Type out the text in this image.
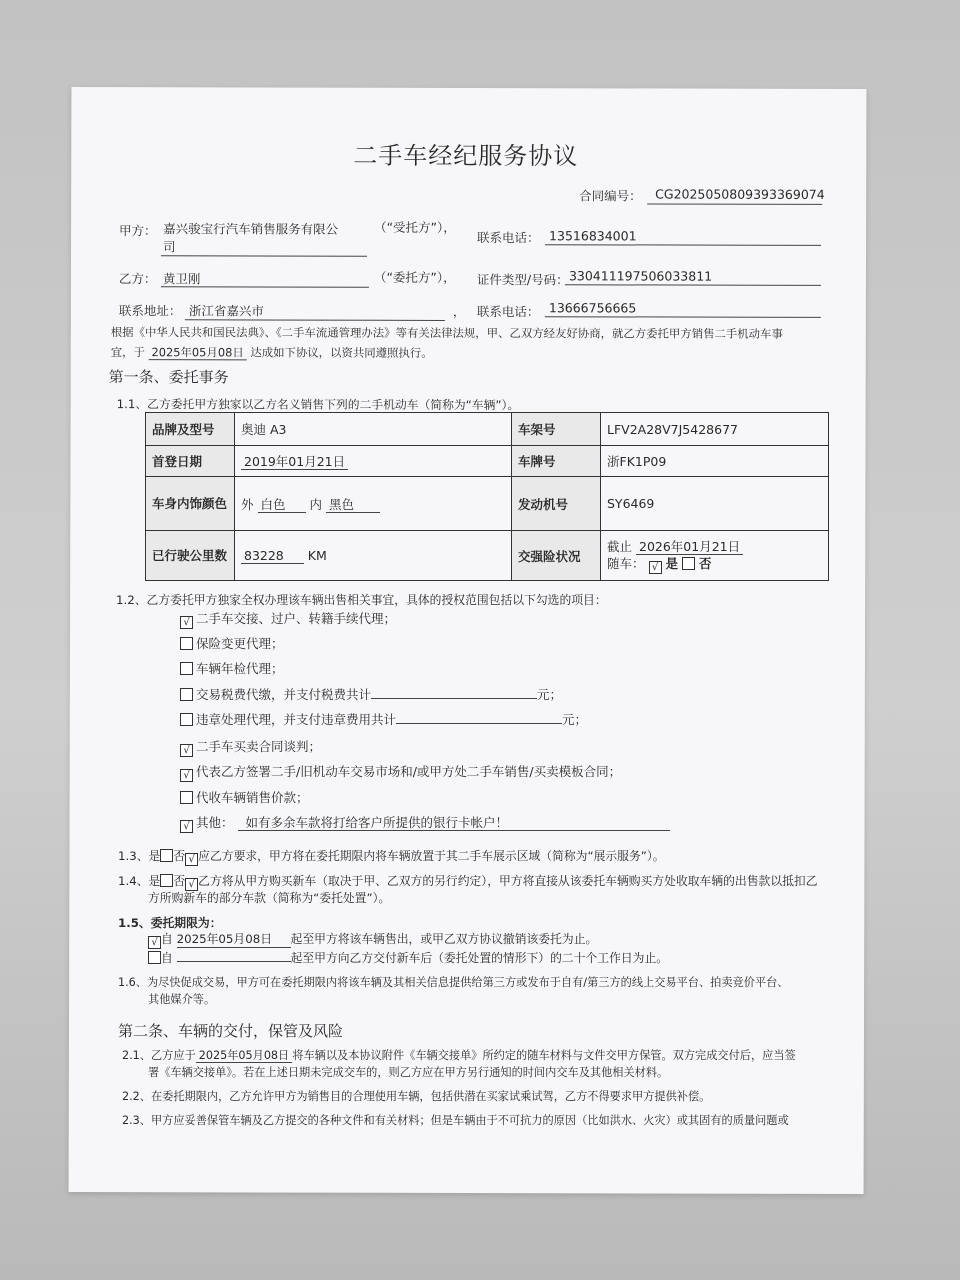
二手车经纪服务协议
合同编号： CG2025050809393369074
甲方： 嘉兴骏宝行汽车销售服务有限公
司
（“受托方”），
联系电话： 13516834001
乙方： 黄卫刚	（“委托方”）， 证件类型/号码： 330411197506033811
联系地址： 浙江省嘉兴市	， 联系电话： 13666756665
根据《中华人民共和国民法典》、《二手车流通管理办法》等有关法律法规，甲、乙双方经友好协商，就乙方委托甲方销售二手机动车事
宜，于 2025年05月08日 达成如下协议，以资共同遵照执行。
第一条、委托事务
1.1、乙方委托甲方独家以乙方名义销售下列的二手机动车（简称为“车辆”）。
品牌及型号	奥迪 A3	车架号	LFV2A28V7J5428677
首登日期	2019年01月21日	车牌号	浙FK1P09
车身内饰颜色	外 白色 内 黑色	发动机号	SY6469
已行驶公里数	83228 KM	交强险状况	截止 2026年01月21日
随车： √ 是 否
1.2、乙方委托甲方独家全权办理该车辆出售相关事宜，具体的授权范围包括以下勾选的项目：
√ 二手车交接、过户、转籍手续代理；
保险变更代理；
车辆年检代理；
交易税费代缴，并支付税费共计	元；
违章处理代理，并支付违章费用共计	元；
√ 二手车买卖合同谈判；
√ 代表乙方签署二手/旧机动车交易市场和/或甲方处二手车销售/买卖模板合同；
代收车辆销售价款；
√ 其他： 如有多余车款将打给客户所提供的银行卡帐户！
1.3、是 否 √ 应乙方要求，甲方将在委托期限内将车辆放置于其二手车展示区域（简称为“展示服务”）。
1.4、是 否 √ 乙方将从甲方购买新车（取决于甲、乙双方的另行约定），甲方将直接从该委托车辆购买方处收取车辆的出售款以抵扣乙
方所购新车的部分车款（简称为“委托处置”）。
1.5、委托期限为：
√ 自 2025年05月08日 起至甲方将该车辆售出，或甲乙双方协议撤销该委托为止。
自	起至甲方向乙方交付新车后（委托处置的情形下）的二十个工作日为止。
1.6、为尽快促成交易，甲方可在委托期限内将该车辆及其相关信息提供给第三方或发布于自有/第三方的线上交易平台、拍卖竞价平台、
其他媒介等。
第二条、车辆的交付，保管及风险
2.1、乙方应于 2025年05月08日 将车辆以及本协议附件《车辆交接单》所约定的随车材料与文件交甲方保管。双方完成交付后，应当签
署《车辆交接单》。若在上述日期未完成交车的，则乙方应在甲方另行通知的时间内交车及其他相关材料。
2.2、在委托期限内，乙方允许甲方为销售目的合理使用车辆，包括供潜在买家试乘试驾，乙方不得要求甲方提供补偿。
2.3、甲方应妥善保管车辆及乙方提交的各种文件和有关材料；但是车辆由于不可抗力的原因（比如洪水、火灾）或其固有的质量问题或
